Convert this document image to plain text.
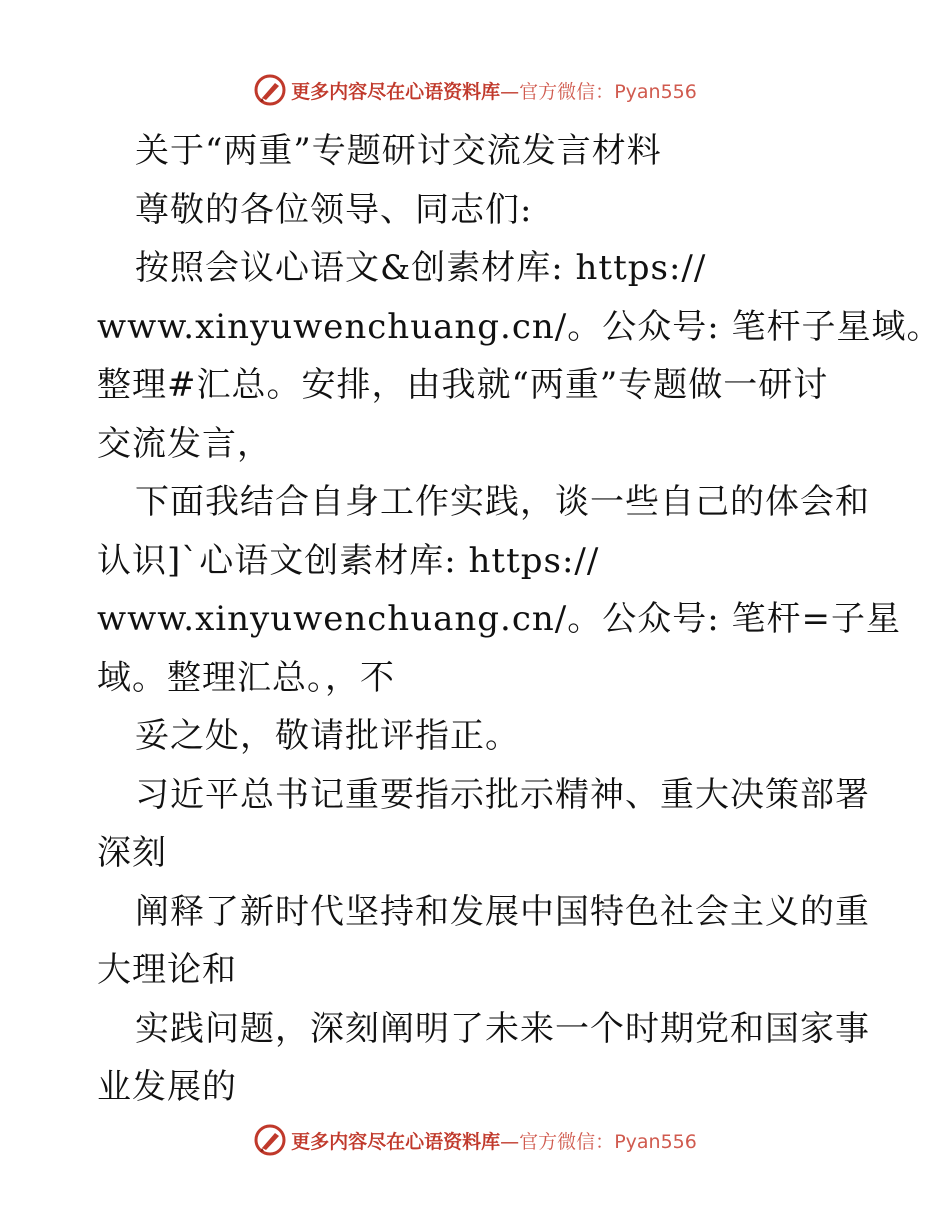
更多内容尽在心语资料库—官方微信：Pyan556
关于“两重”专题研讨交流发言材料
尊敬的各位领导、同志们:
按照会议心语文&创素材库: https://
www.xinyuwenchuang.cn/。公众号: 笔杆子星域。
整理#汇总。安排，由我就“两重”专题做一研讨
交流发言，
下面我结合自身工作实践，谈一些自己的体会和
认识]`心语文创素材库: https://
www.xinyuwenchuang.cn/。公众号: 笔杆=子星
域。整理汇总。，不
妥之处，敬请批评指正。
习近平总书记重要指示批示精神、重大决策部署
深刻
阐释了新时代坚持和发展中国特色社会主义的重
大理论和
实践问题，深刻阐明了未来一个时期党和国家事
业发展的
更多内容尽在心语资料库—官方微信：Pyan556
